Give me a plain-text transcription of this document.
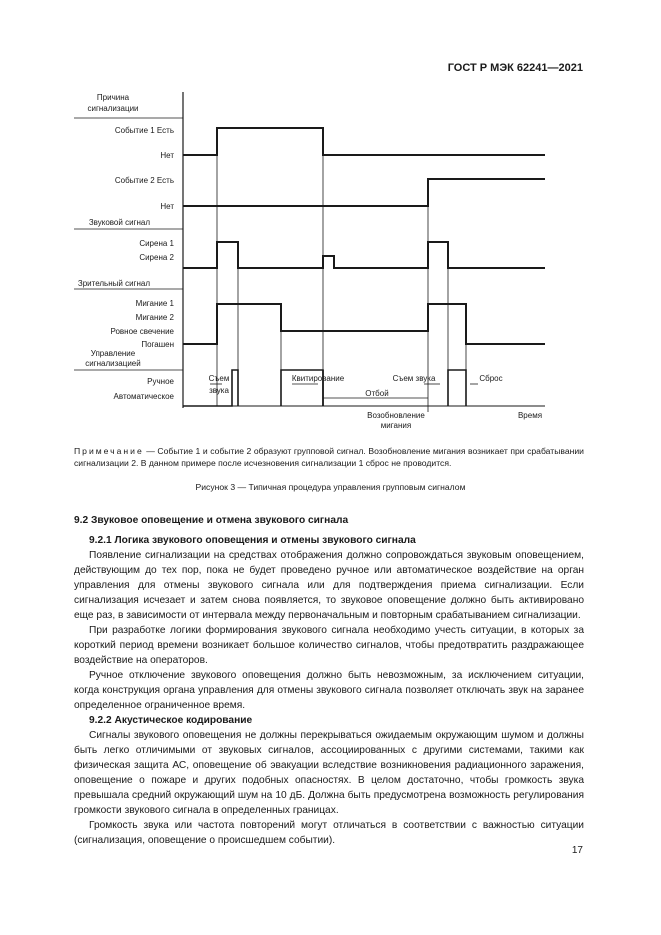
ГОСТ Р МЭК 62241—2021
Причина
сигнализации
Управление
сигнализацией
Событие 1 Есть
Нет
Событие 2 Есть
Нет
Звуковой сигнал
Сирена 1
Сирена 2
Зрительный сигнал
Мигание 1
Мигание 2
Ровное свечение
Погашен
Ручное
Автоматическое
Съем
звука
Квитирование
Отбой
Съем звука	Сброс
Возобновление
мигания
Время
Примечание — Событие 1 и событие 2 образуют групповой сигнал. Возобновление мигания возникает при срабатывании сигнализации 2. В данном примере после исчезновения сигнализации 1 сброс не проводится.
Рисунок 3 — Типичная процедура управления групповым сигналом
9.2 Звуковое оповещение и отмена звукового сигнала
9.2.1 Логика звукового оповещения и отмены звукового сигнала

Появление сигнализации на средствах отображения должно сопровождаться звуковым оповещением, действующим до тех пор, пока не будет проведено ручное или автоматическое воздействие на орган управления для отмены звукового сигнала или для подтверждения приема сигнализации. Если сигнализация исчезает и затем снова появляется, то звуковое оповещение должно быть активировано еще раз, в зависимости от интервала между первоначальным и повторным срабатыванием сигнализации.

При разработке логики формирования звукового сигнала необходимо учесть ситуации, в которых за короткий период времени возникает большое количество сигналов, чтобы предотвратить раздражающее воздействие на операторов.

Ручное отключение звукового оповещения должно быть невозможным, за исключением ситуации, когда конструкция органа управления для отмены звукового сигнала позволяет отключать звук на заранее определенное ограниченное время.

9.2.2 Акустическое кодирование

Сигналы звукового оповещения не должны перекрываться ожидаемым окружающим шумом и должны быть легко отличимыми от звуковых сигналов, ассоциированных с другими системами, такими как физическая защита АС, оповещение об эвакуации вследствие возникновения радиационного заражения, оповещение о пожаре и других подобных опасностях. В целом достаточно, чтобы громкость звука превышала средний окружающий шум на 10 дБ. Должна быть предусмотрена возможность регулирования громкости звукового сигнала в определенных границах.

Громкость звука или частота повторений могут отличаться в соответствии с важностью ситуации (сигнализация, оповещение о происшедшем событии).

17
